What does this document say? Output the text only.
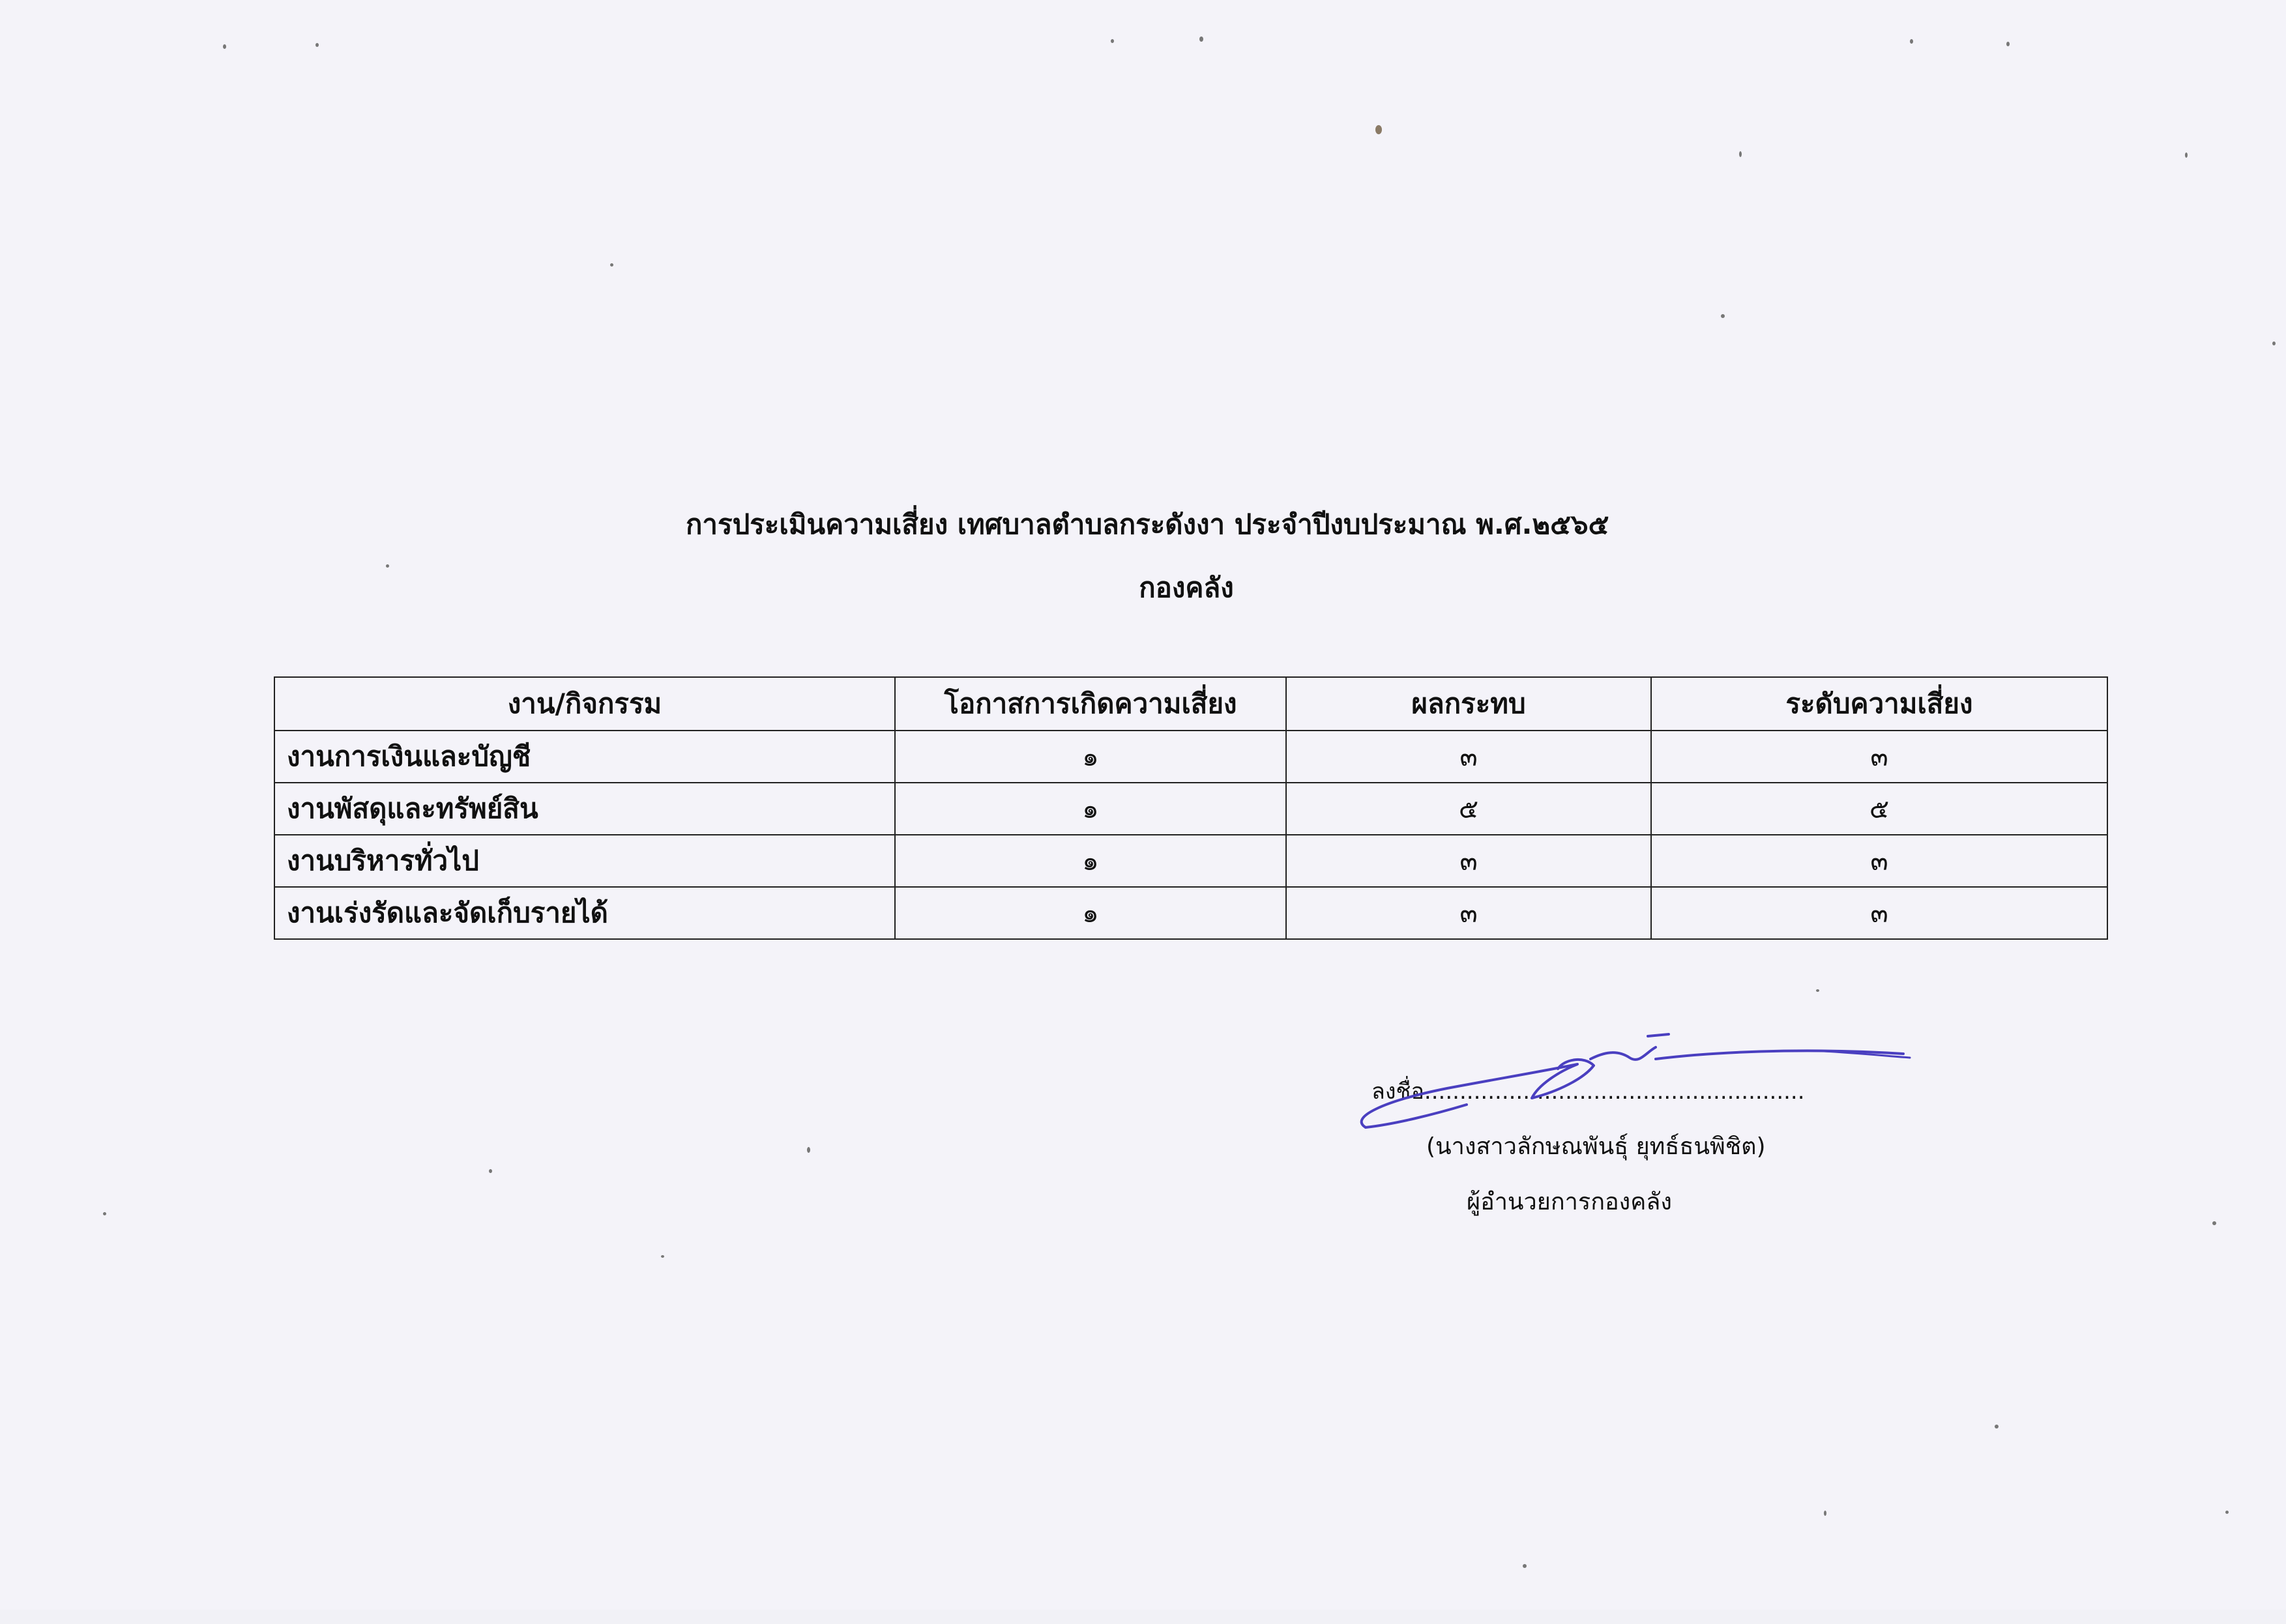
การประเมินความเสี่ยง เทศบาลตำบลกระดังงา ประจำปีงบประมาณ พ.ศ.๒๕๖๕
กองคลัง
งาน/กิจกรรม	โอกาสการเกิดความเสี่ยง	ผลกระทบ	ระดับความเสี่ยง
งานการเงินและบัญชี	๑	๓	๓
งานพัสดุและทรัพย์สิน	๑	๕	๕
งานบริหารทั่วไป	๑	๓	๓
งานเร่งรัดและจัดเก็บรายได้	๑	๓	๓
ลงชื่อ......................................................
(นางสาวลักษณพันธุ์ ยุทธ์ธนพิชิต)
ผู้อำนวยการกองคลัง
